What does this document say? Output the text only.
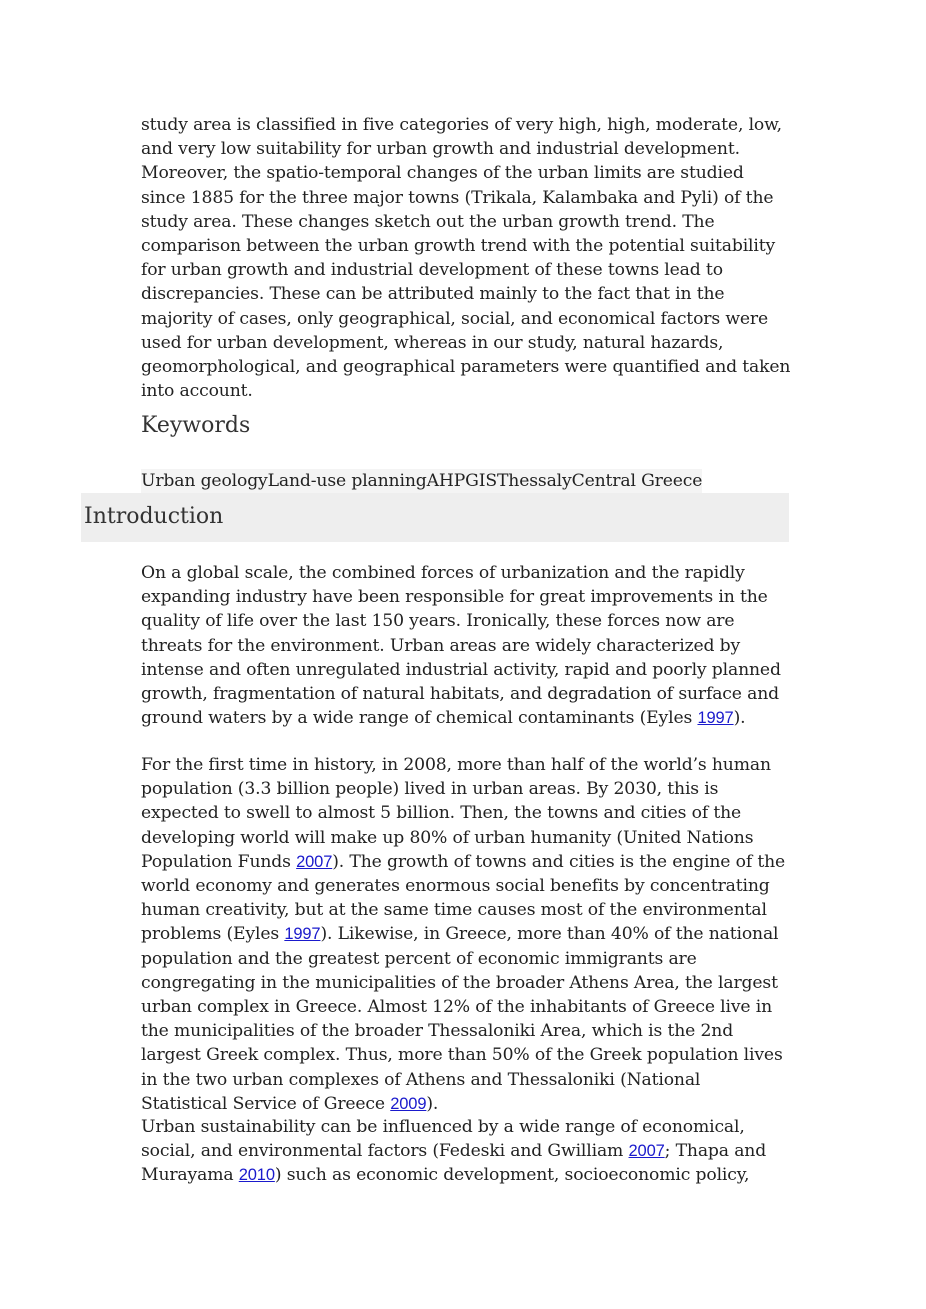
study area is classified in five categories of very high, high, moderate, low, and very low suitability for urban growth and industrial development. Moreover, the spatio-temporal changes of the urban limits are studied since 1885 for the three major towns (Trikala, Kalambaka and Pyli) of the study area. These changes sketch out the urban growth trend. The comparison between the urban growth trend with the potential suitability for urban growth and industrial development of these towns lead to discrepancies. These can be attributed mainly to the fact that in the majority of cases, only geographical, social, and economical factors were used for urban development, whereas in our study, natural hazards, geomorphological, and geographical parameters were quantified and taken into account.

Keywords
Urban geologyLand-use planningAHPGISThessalyCentral Greece
Introduction

On a global scale, the combined forces of urbanization and the rapidly expanding industry have been responsible for great improvements in the quality of life over the last 150 years. Ironically, these forces now are threats for the environment. Urban areas are widely characterized by intense and often unregulated industrial activity, rapid and poorly planned growth, fragmentation of natural habitats, and degradation of surface and ground waters by a wide range of chemical contaminants (Eyles 1997).

For the first time in history, in 2008, more than half of the world’s human population (3.3 billion people) lived in urban areas. By 2030, this is expected to swell to almost 5 billion. Then, the towns and cities of the developing world will make up 80% of urban humanity (United Nations Population Funds 2007). The growth of towns and cities is the engine of the world economy and generates enormous social benefits by concentrating human creativity, but at the same time causes most of the environmental problems (Eyles 1997). Likewise, in Greece, more than 40% of the national population and the greatest percent of economic immigrants are congregating in the municipalities of the broader Athens Area, the largest urban complex in Greece. Almost 12% of the inhabitants of Greece live in the municipalities of the broader Thessaloniki Area, which is the 2nd largest Greek complex. Thus, more than 50% of the Greek population lives in the two urban complexes of Athens and Thessaloniki (National Statistical Service of Greece 2009).

Urban sustainability can be influenced by a wide range of economical, social, and environmental factors (Fedeski and Gwilliam 2007; Thapa and Murayama 2010) such as economic development, socioeconomic policy,
